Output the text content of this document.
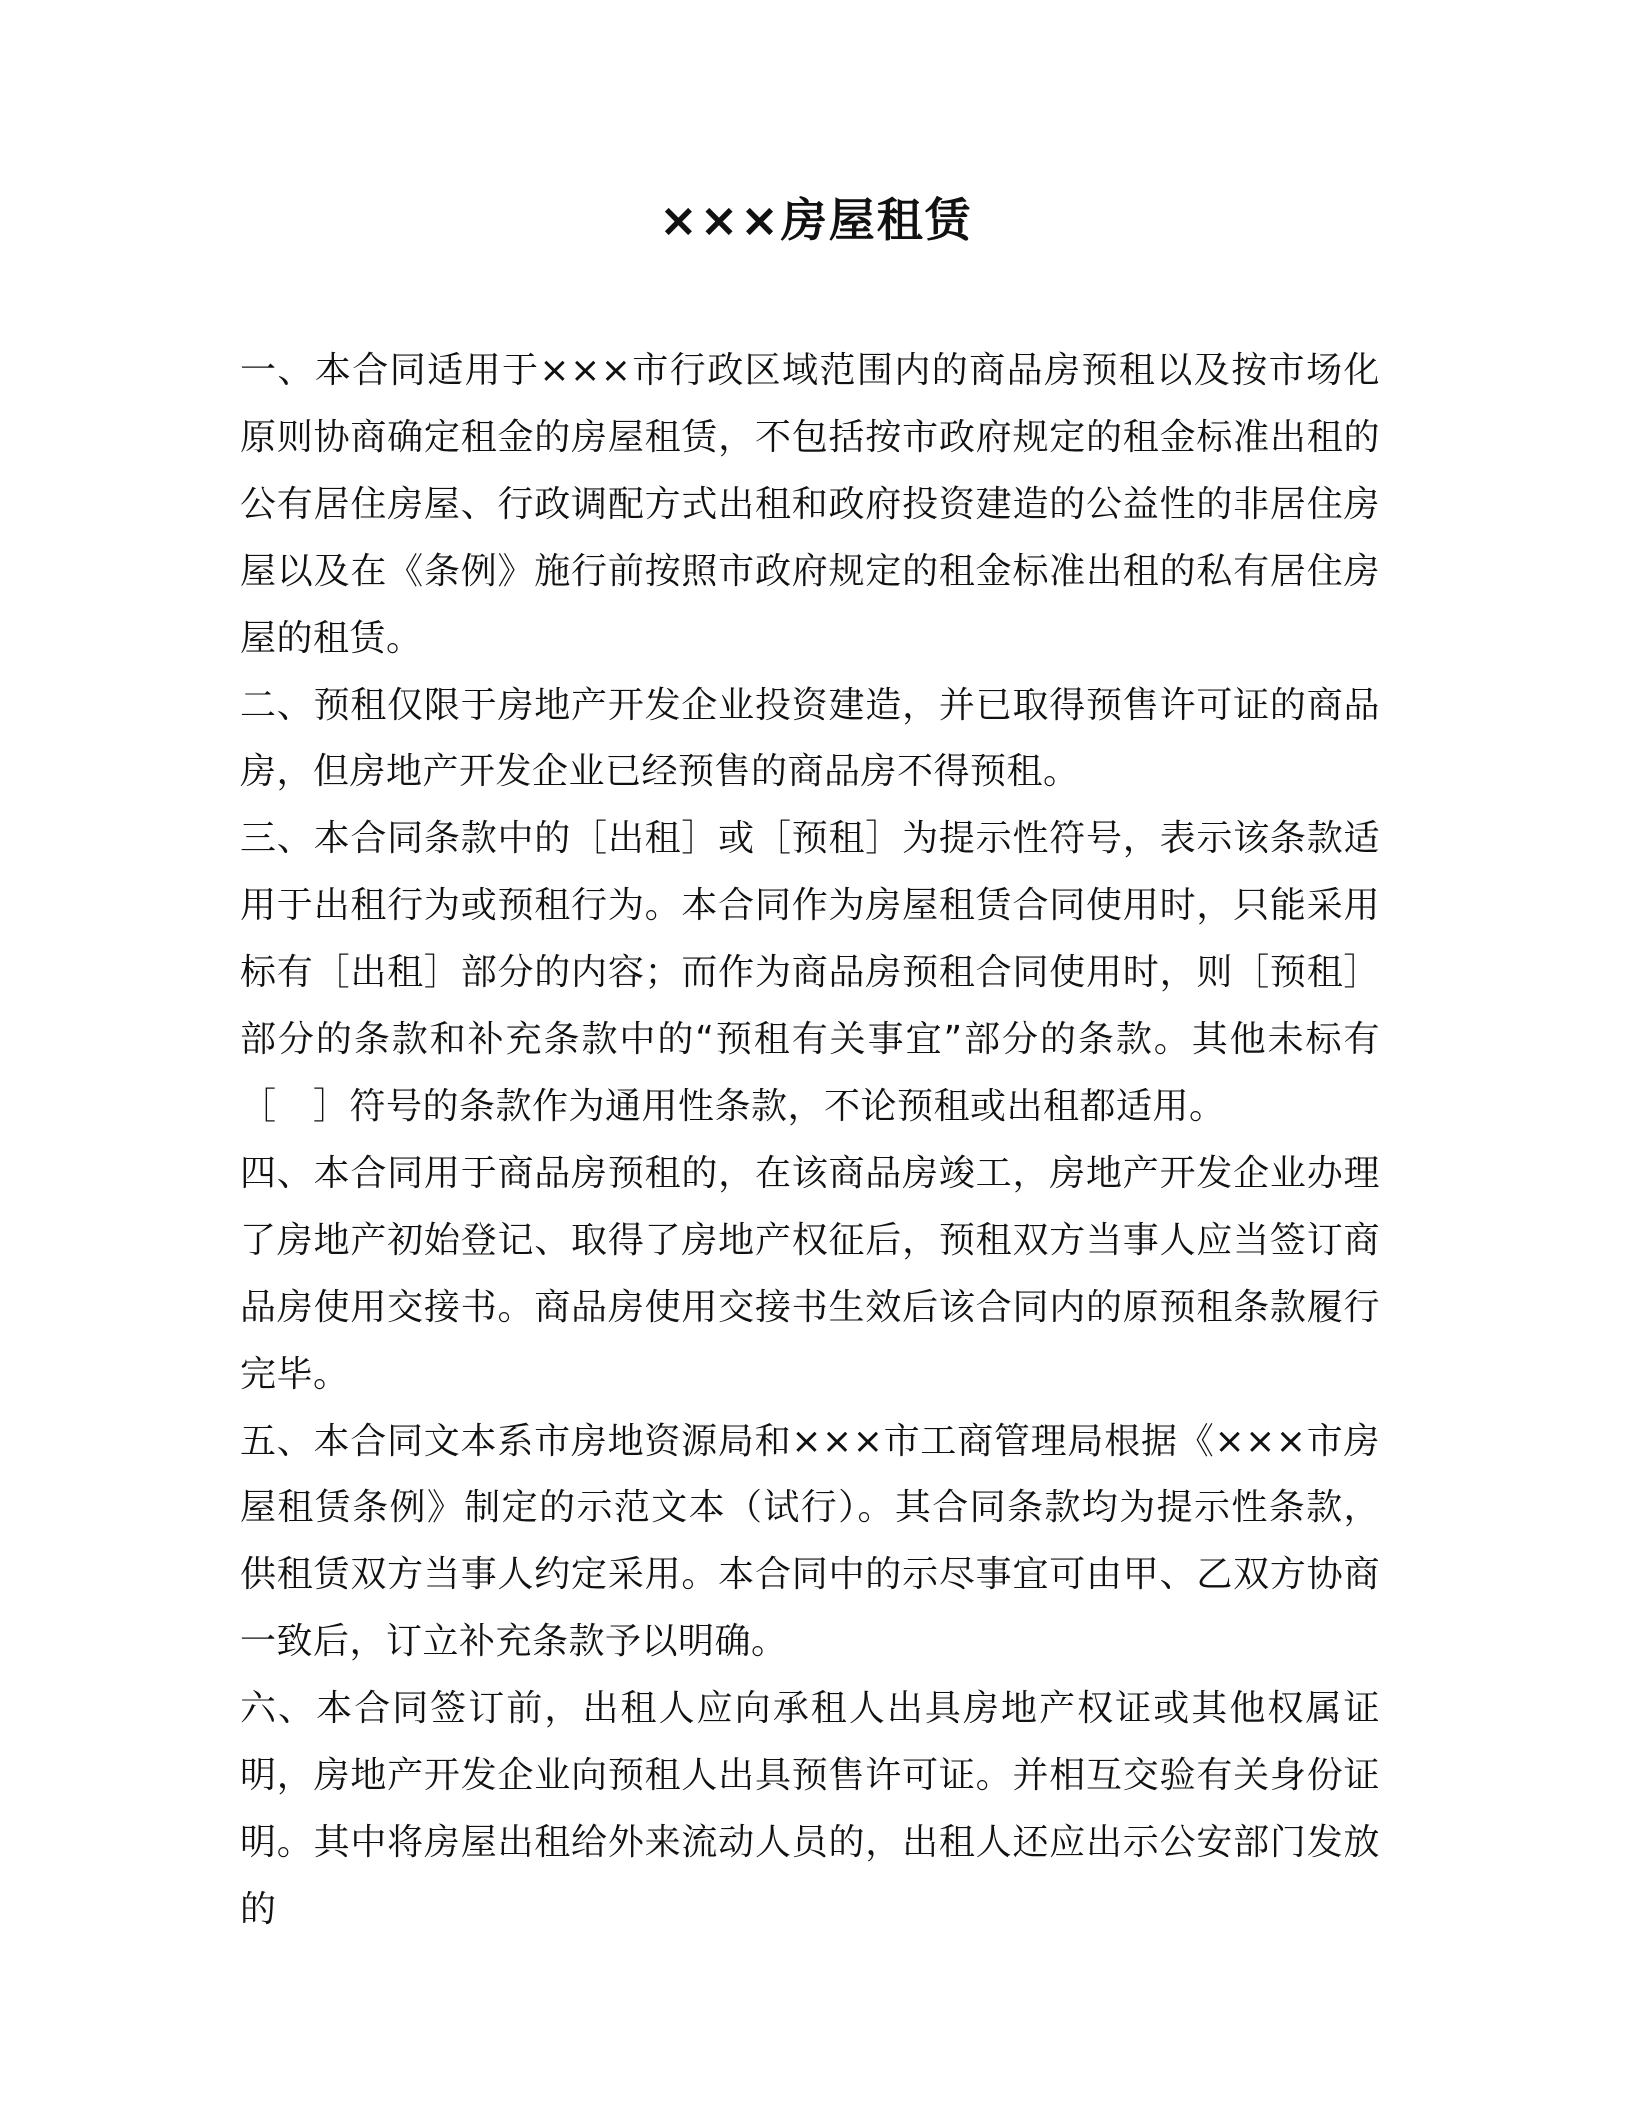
×××房屋租赁

一、本合同适用于×××市行政区域范围内的商品房预租以及按市场化原则协商确定租金的房屋租赁，不包括按市政府规定的租金标准出租的公有居住房屋、行政调配方式出租和政府投资建造的公益性的非居住房屋以及在《条例》施行前按照市政府规定的租金标准出租的私有居住房屋的租赁。

二、预租仅限于房地产开发企业投资建造，并已取得预售许可证的商品房，但房地产开发企业已经预售的商品房不得预租。

三、本合同条款中的［出租］或［预租］为提示性符号，表示该条款适用于出租行为或预租行为。本合同作为房屋租赁合同使用时，只能采用标有［出租］部分的内容；而作为商品房预租合同使用时，则［预租］部分的条款和补充条款中的“预租有关事宜”部分的条款。其他未标有［　］符号的条款作为通用性条款，不论预租或出租都适用。

四、本合同用于商品房预租的，在该商品房竣工，房地产开发企业办理了房地产初始登记、取得了房地产权征后，预租双方当事人应当签订商品房使用交接书。商品房使用交接书生效后该合同内的原预租条款履行完毕。

五、本合同文本系市房地资源局和×××市工商管理局根据《×××市房屋租赁条例》制定的示范文本（试行）。其合同条款均为提示性条款，供租赁双方当事人约定采用。本合同中的示尽事宜可由甲、乙双方协商一致后，订立补充条款予以明确。

六、本合同签订前，出租人应向承租人出具房地产权证或其他权属证明，房地产开发企业向预租人出具预售许可证。并相互交验有关身份证明。其中将房屋出租给外来流动人员的，出租人还应出示公安部门发放的
